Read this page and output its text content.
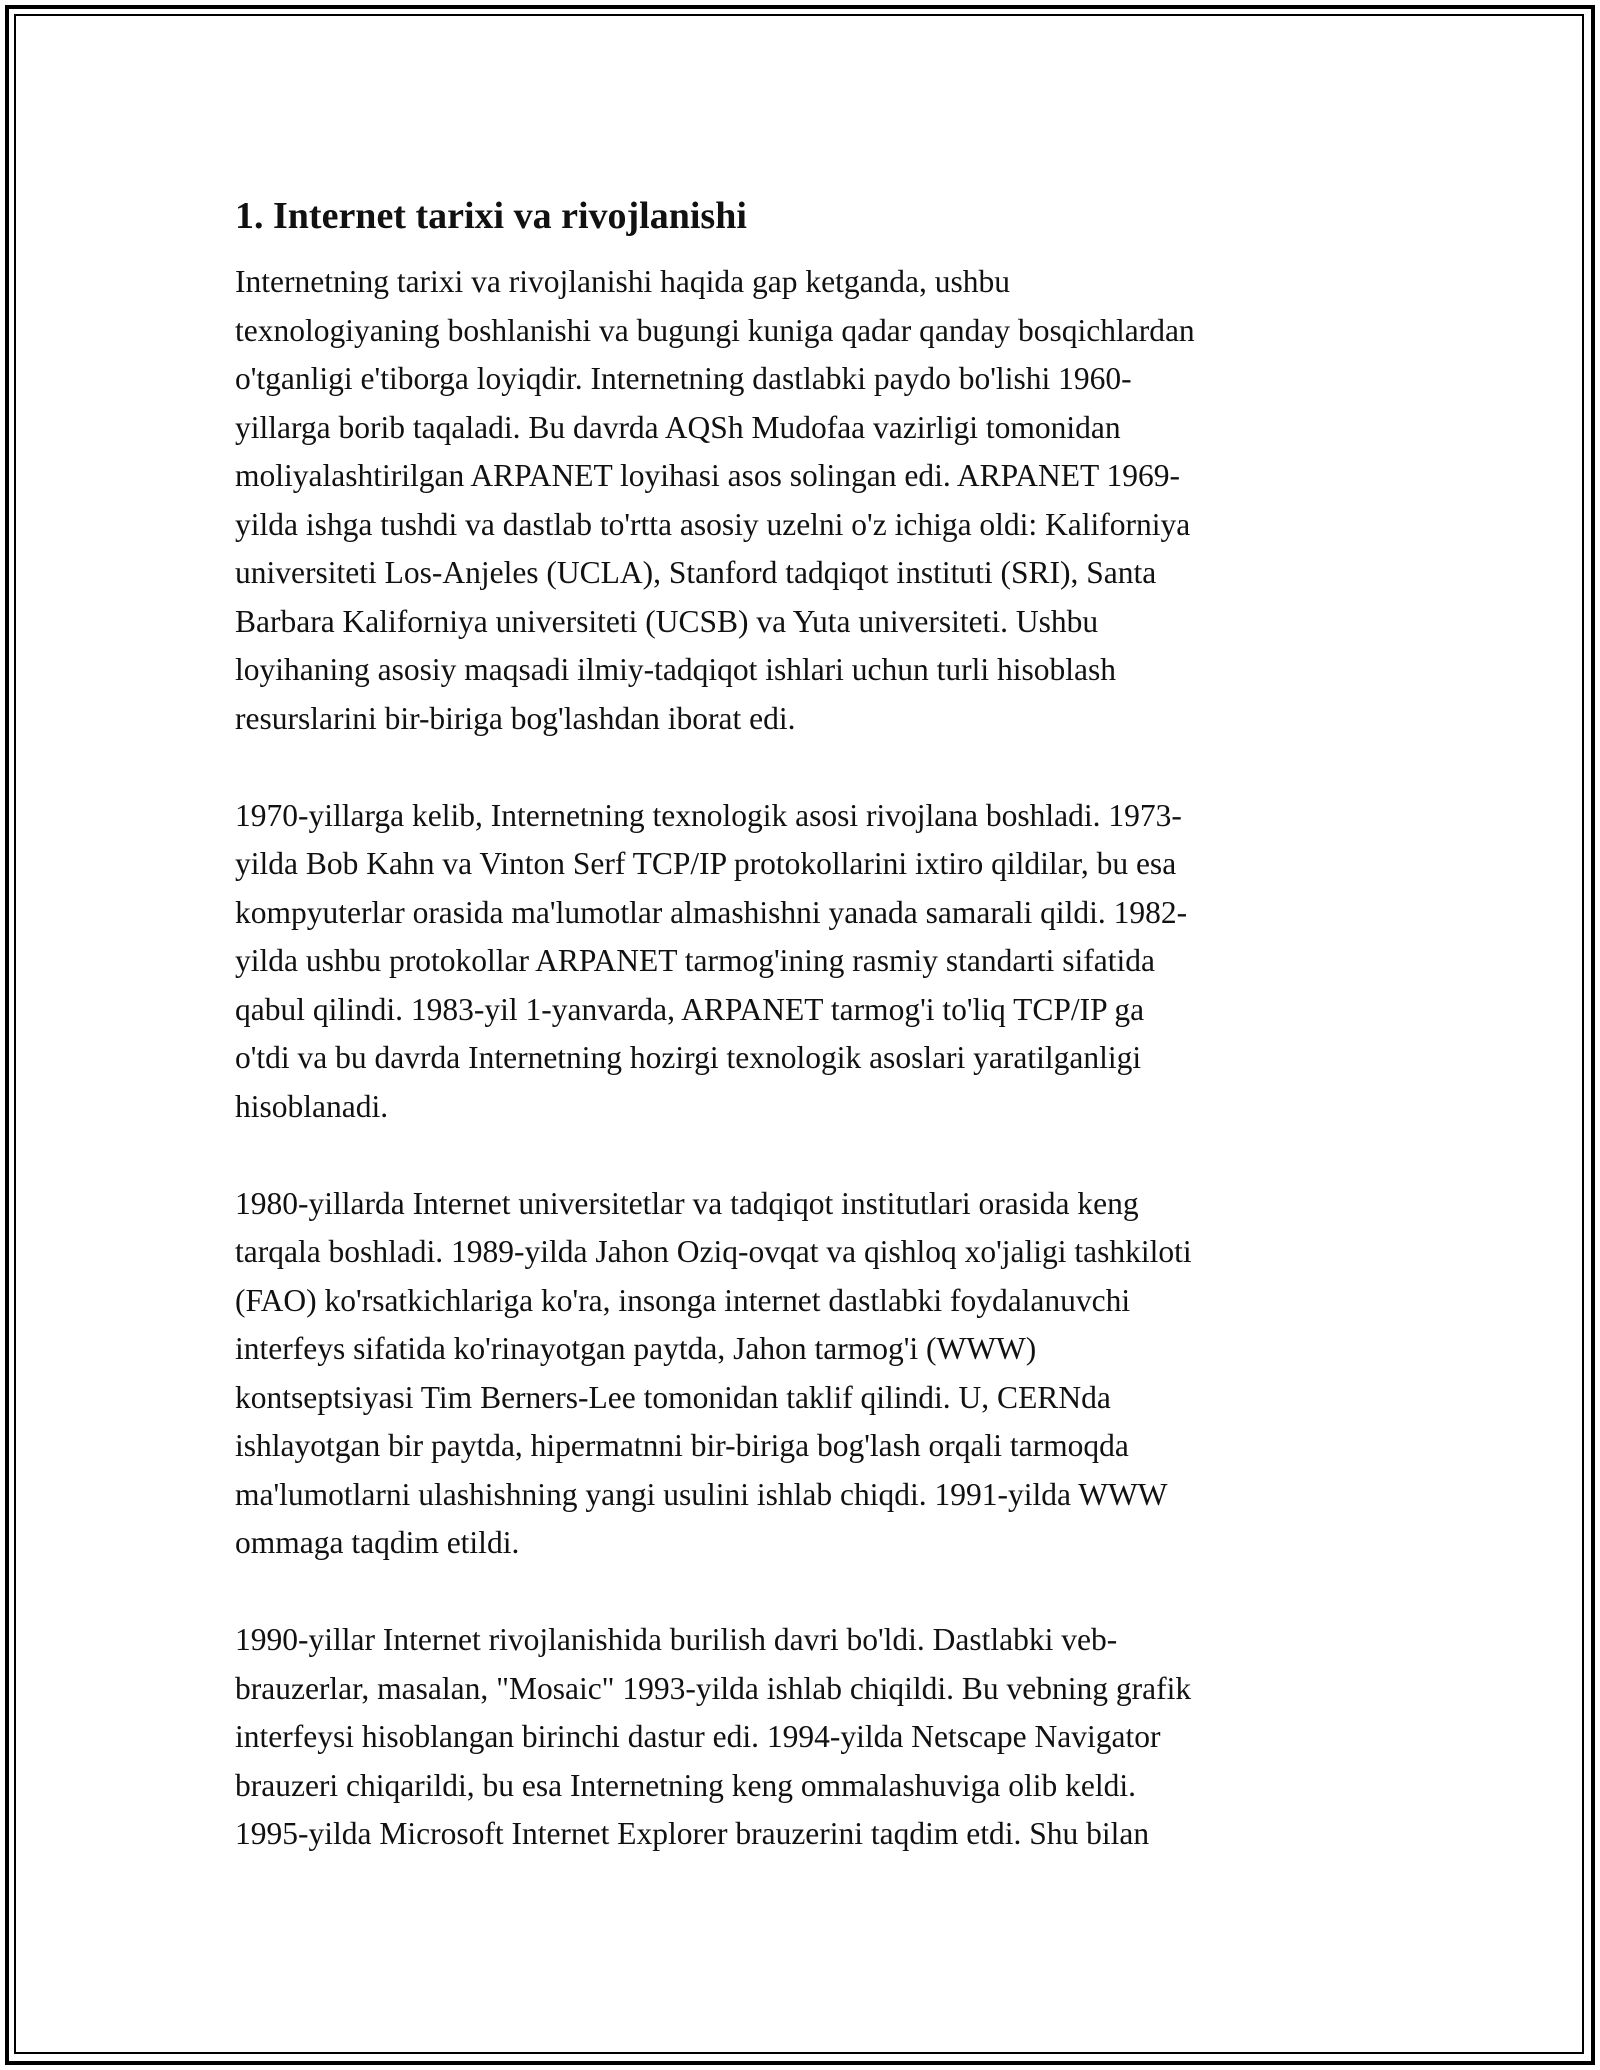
1. Internet tarixi va rivojlanishi
Internetning tarixi va rivojlanishi haqida gap ketganda, ushbu
texnologiyaning boshlanishi va bugungi kuniga qadar qanday bosqichlardan
o'tganligi e'tiborga loyiqdir. Internetning dastlabki paydo bo'lishi 1960-
yillarga borib taqaladi. Bu davrda AQSh Mudofaa vazirligi tomonidan
moliyalashtirilgan ARPANET loyihasi asos solingan edi. ARPANET 1969-
yilda ishga tushdi va dastlab to'rtta asosiy uzelni o'z ichiga oldi: Kaliforniya
universiteti Los-Anjeles (UCLA), Stanford tadqiqot instituti (SRI), Santa
Barbara Kaliforniya universiteti (UCSB) va Yuta universiteti. Ushbu
loyihaning asosiy maqsadi ilmiy-tadqiqot ishlari uchun turli hisoblash
resurslarini bir-biriga bog'lashdan iborat edi.
1970-yillarga kelib, Internetning texnologik asosi rivojlana boshladi. 1973-
yilda Bob Kahn va Vinton Serf TCP/IP protokollarini ixtiro qildilar, bu esa
kompyuterlar orasida ma'lumotlar almashishni yanada samarali qildi. 1982-
yilda ushbu protokollar ARPANET tarmog'ining rasmiy standarti sifatida
qabul qilindi. 1983-yil 1-yanvarda, ARPANET tarmog'i to'liq TCP/IP ga
o'tdi va bu davrda Internetning hozirgi texnologik asoslari yaratilganligi
hisoblanadi.
1980-yillarda Internet universitetlar va tadqiqot institutlari orasida keng
tarqala boshladi. 1989-yilda Jahon Oziq-ovqat va qishloq xo'jaligi tashkiloti
(FAO) ko'rsatkichlariga ko'ra, insonga internet dastlabki foydalanuvchi
interfeys sifatida ko'rinayotgan paytda, Jahon tarmog'i (WWW)
kontseptsiyasi Tim Berners-Lee tomonidan taklif qilindi. U, CERNda
ishlayotgan bir paytda, hipermatnni bir-biriga bog'lash orqali tarmoqda
ma'lumotlarni ulashishning yangi usulini ishlab chiqdi. 1991-yilda WWW
ommaga taqdim etildi.
1990-yillar Internet rivojlanishida burilish davri bo'ldi. Dastlabki veb-
brauzerlar, masalan, "Mosaic" 1993-yilda ishlab chiqildi. Bu vebning grafik
interfeysi hisoblangan birinchi dastur edi. 1994-yilda Netscape Navigator
brauzeri chiqarildi, bu esa Internetning keng ommalashuviga olib keldi.
1995-yilda Microsoft Internet Explorer brauzerini taqdim etdi. Shu bilan
